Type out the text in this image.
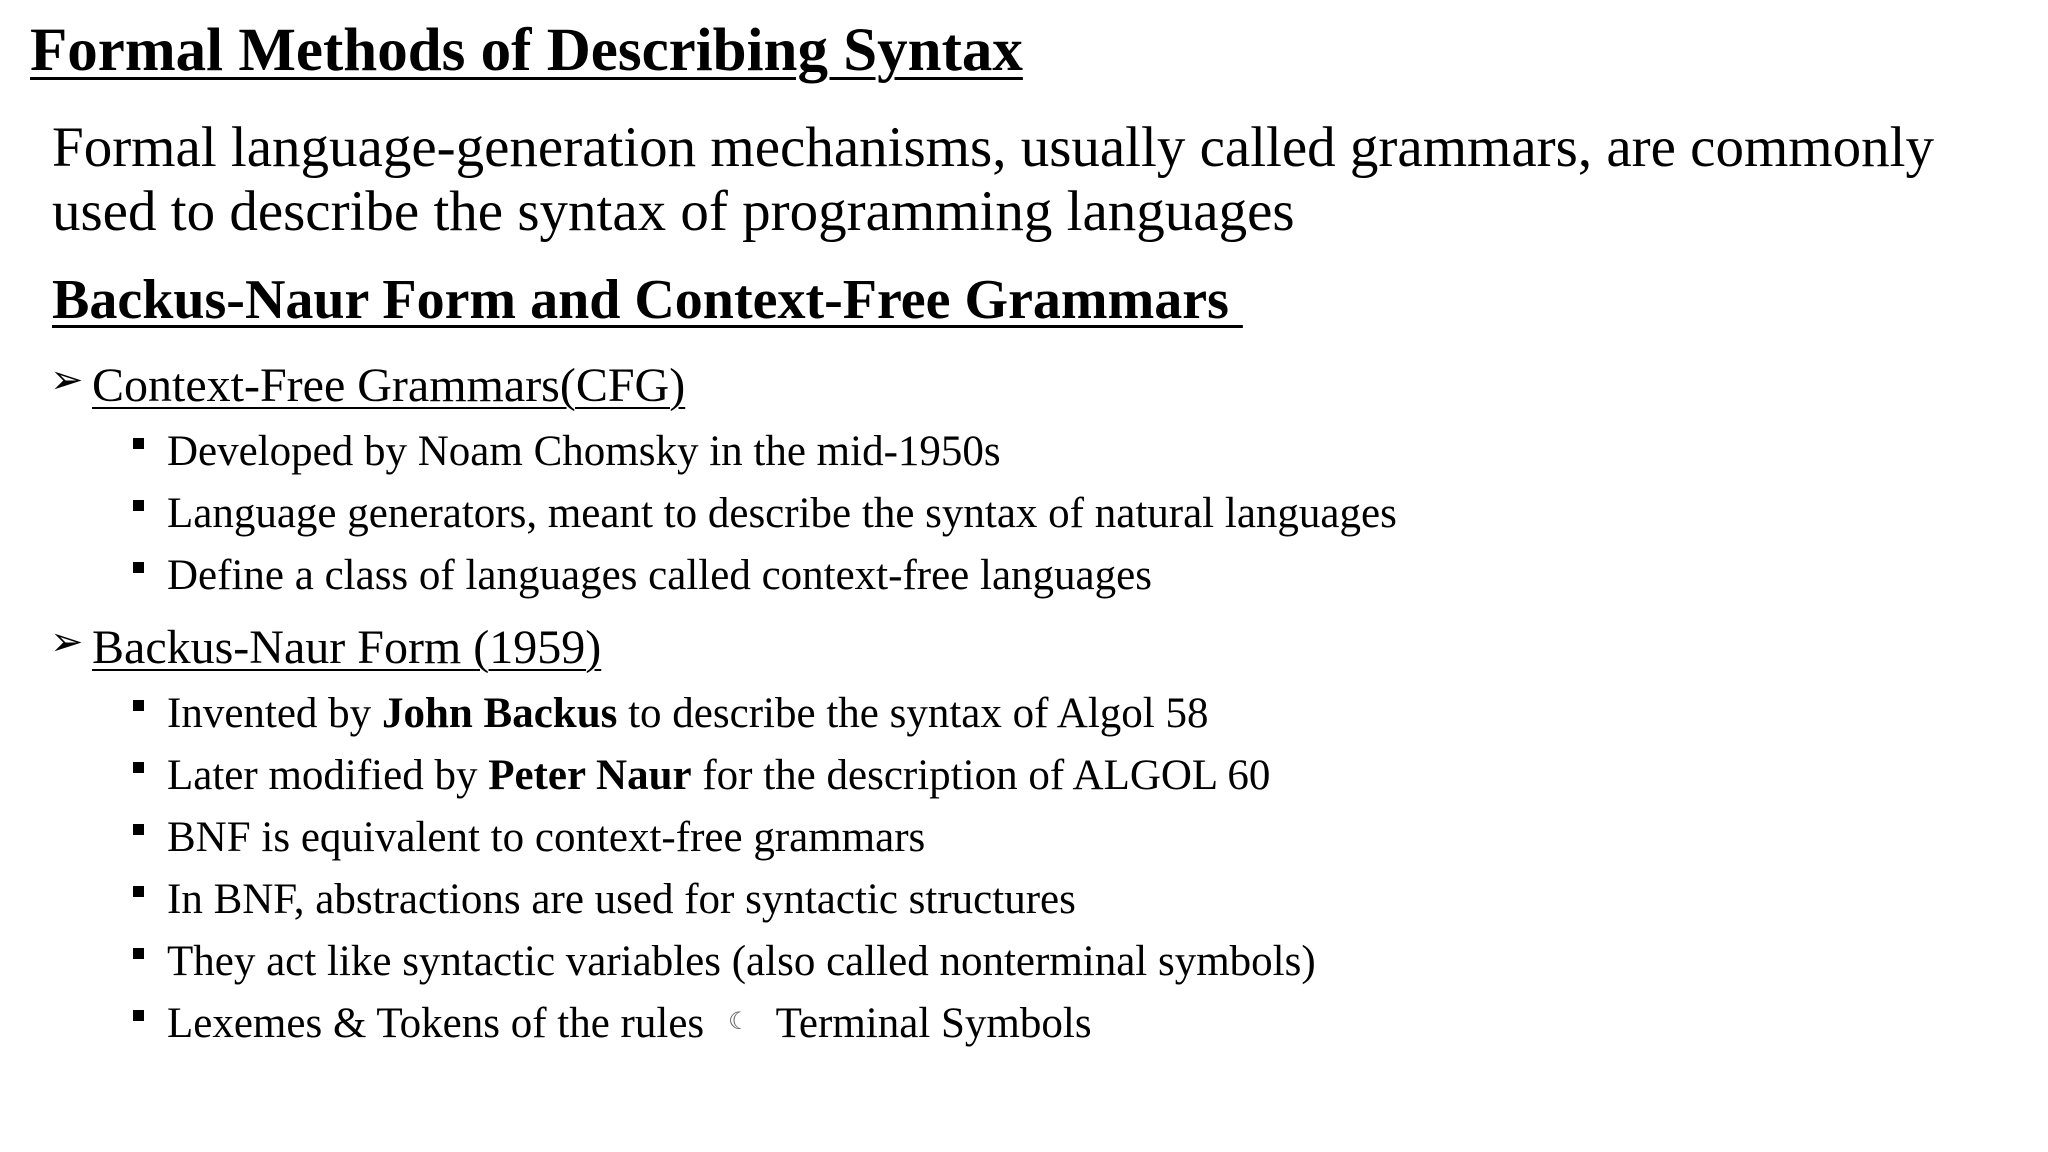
Formal Methods of Describing Syntax

Formal language-generation mechanisms, usually called grammars, are commonly used to describe the syntax of programming languages

Backus-Naur Form and Context-Free Grammars
➢ Context-Free Grammars(CFG)
Developed by Noam Chomsky in the mid-1950s
Language generators, meant to describe the syntax of natural languages
Define a class of languages called context-free languages
➢ Backus-Naur Form (1959)
Invented by John Backus to describe the syntax of Algol 58
Later modified by Peter Naur for the description of ALGOL 60
BNF is equivalent to context-free grammars
In BNF, abstractions are used for syntactic structures
They act like syntactic variables (also called nonterminal symbols)
Lexemes & Tokens of the rules ☾ Terminal Symbols
